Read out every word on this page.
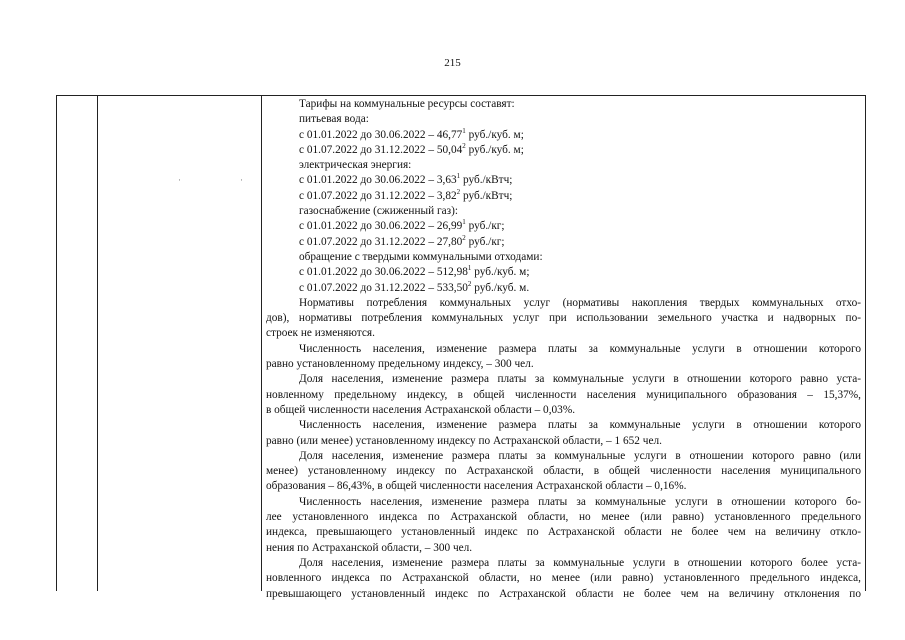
215
·	·
Тарифы на коммунальные ресурсы составят:
питьевая вода:
с 01.01.2022 до 30.06.2022 – 46,77$^1$ руб./куб. м;
с 01.07.2022 до 31.12.2022 – 50,04$^2$ руб./куб. м;
электрическая энергия:
с 01.01.2022 до 30.06.2022 – 3,63$^1$ руб./кВтч;
с 01.07.2022 до 31.12.2022 – 3,82$^2$ руб./кВтч;
газоснабжение (сжиженный газ):
с 01.01.2022 до 30.06.2022 – 26,99$^1$ руб./кг;
с 01.07.2022 до 31.12.2022 – 27,80$^2$ руб./кг;
обращение с твердыми коммунальными отходами:
с 01.01.2022 до 30.06.2022 – 512,98$^1$ руб./куб. м;
с 01.07.2022 до 31.12.2022 – 533,50$^2$ руб./куб. м.
Нормативы потребления коммунальных услуг (нормативы накопления твердых коммунальных отхо-
дов), нормативы потребления коммунальных услуг при использовании земельного участка и надворных по-
строек не изменяются.
Численность населения, изменение размера платы за коммунальные услуги в отношении которого
равно установленному предельному индексу, – 300 чел.
Доля населения, изменение размера платы за коммунальные услуги в отношении которого равно уста-
новленному предельному индексу, в общей численности населения муниципального образования – 15,37%,
в общей численности населения Астраханской области – 0,03%.
Численность населения, изменение размера платы за коммунальные услуги в отношении которого
равно (или менее) установленному индексу по Астраханской области, – 1 652 чел.
Доля населения, изменение размера платы за коммунальные услуги в отношении которого равно (или
менее) установленному индексу по Астраханской области, в общей численности населения муниципального
образования – 86,43%, в общей численности населения Астраханской области – 0,16%.
Численность населения, изменение размера платы за коммунальные услуги в отношении которого бо-
лее установленного индекса по Астраханской области, но менее (или равно) установленного предельного
индекса, превышающего установленный индекс по Астраханской области не более чем на величину откло-
нения по Астраханской области, – 300 чел.
Доля населения, изменение размера платы за коммунальные услуги в отношении которого более уста-
новленного индекса по Астраханской области, но менее (или равно) установленного предельного индекса,
превышающего установленный индекс по Астраханской области не более чем на величину отклонения по
